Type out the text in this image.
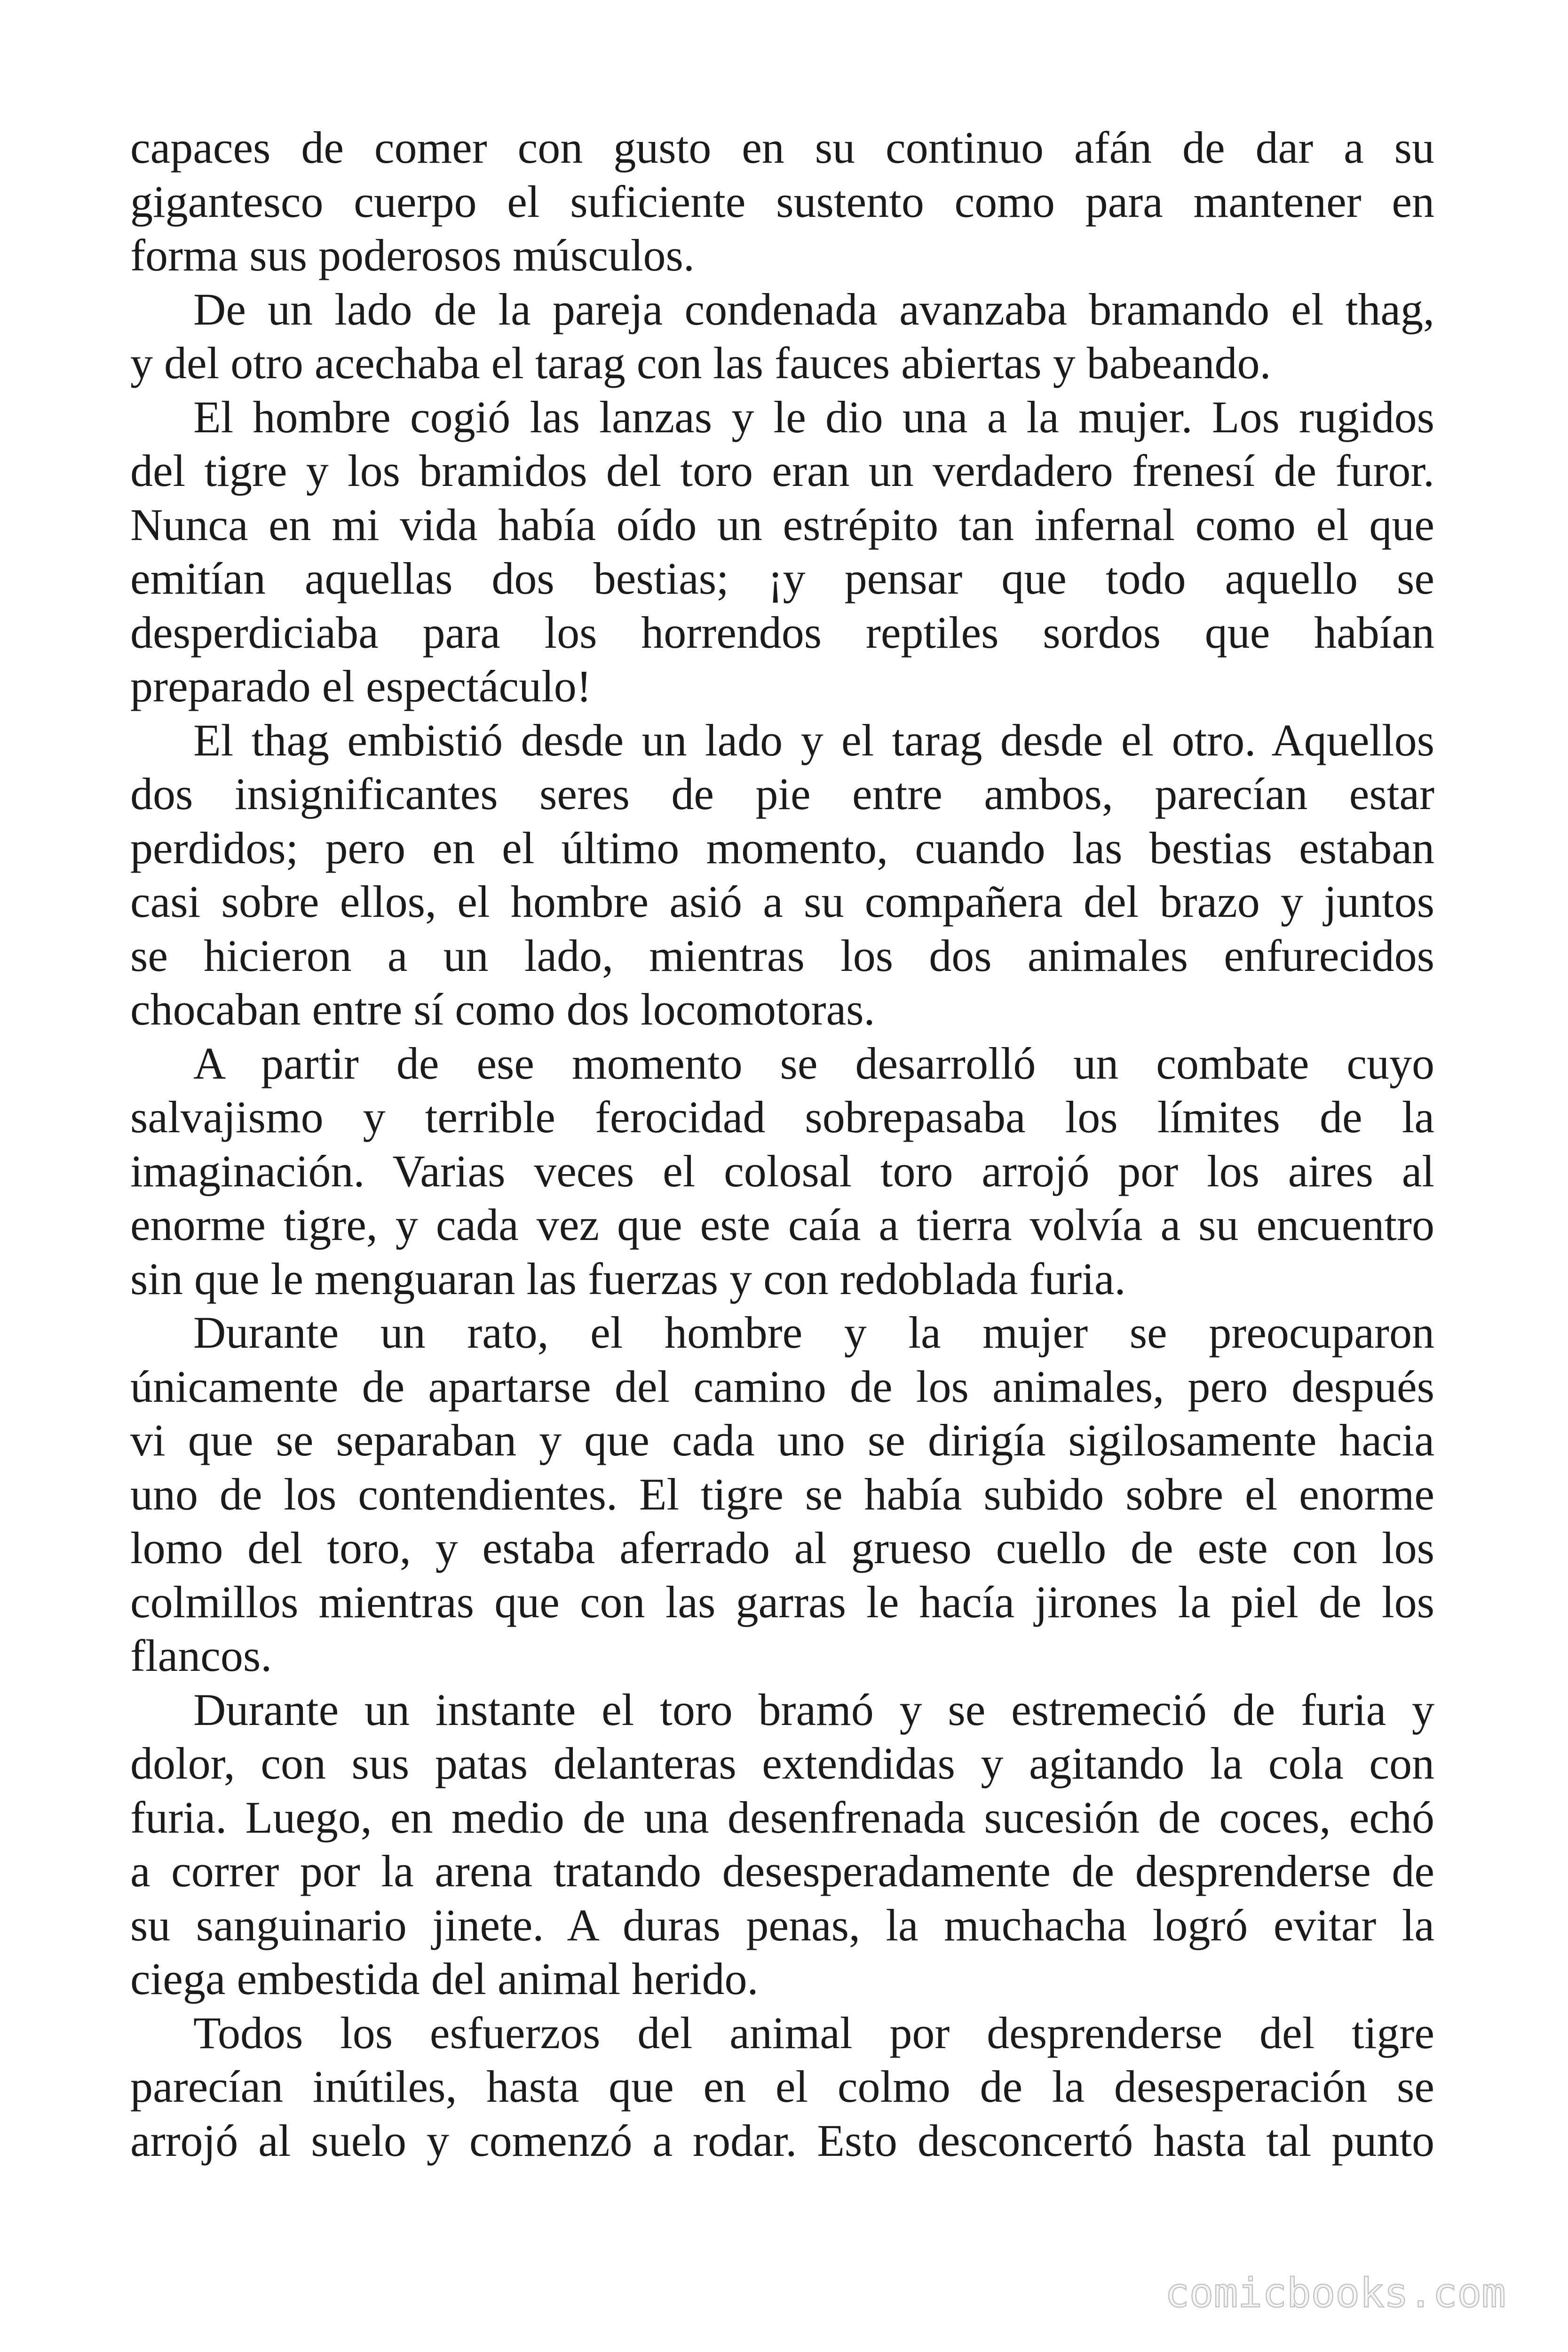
capaces de comer con gusto en su continuo afán de dar a su
gigantesco cuerpo el suficiente sustento como para mantener en
forma sus poderosos músculos.
De un lado de la pareja condenada avanzaba bramando el thag,
y del otro acechaba el tarag con las fauces abiertas y babeando.
El hombre cogió las lanzas y le dio una a la mujer. Los rugidos
del tigre y los bramidos del toro eran un verdadero frenesí de furor.
Nunca en mi vida había oído un estrépito tan infernal como el que
emitían aquellas dos bestias; ¡y pensar que todo aquello se
desperdiciaba para los horrendos reptiles sordos que habían
preparado el espectáculo!
El thag embistió desde un lado y el tarag desde el otro. Aquellos
dos insignificantes seres de pie entre ambos, parecían estar
perdidos; pero en el último momento, cuando las bestias estaban
casi sobre ellos, el hombre asió a su compañera del brazo y juntos
se hicieron a un lado, mientras los dos animales enfurecidos
chocaban entre sí como dos locomotoras.
A partir de ese momento se desarrolló un combate cuyo
salvajismo y terrible ferocidad sobrepasaba los límites de la
imaginación. Varias veces el colosal toro arrojó por los aires al
enorme tigre, y cada vez que este caía a tierra volvía a su encuentro
sin que le menguaran las fuerzas y con redoblada furia.
Durante un rato, el hombre y la mujer se preocuparon
únicamente de apartarse del camino de los animales, pero después
vi que se separaban y que cada uno se dirigía sigilosamente hacia
uno de los contendientes. El tigre se había subido sobre el enorme
lomo del toro, y estaba aferrado al grueso cuello de este con los
colmillos mientras que con las garras le hacía jirones la piel de los
flancos.
Durante un instante el toro bramó y se estremeció de furia y
dolor, con sus patas delanteras extendidas y agitando la cola con
furia. Luego, en medio de una desenfrenada sucesión de coces, echó
a correr por la arena tratando desesperadamente de desprenderse de
su sanguinario jinete. A duras penas, la muchacha logró evitar la
ciega embestida del animal herido.
Todos los esfuerzos del animal por desprenderse del tigre
parecían inútiles, hasta que en el colmo de la desesperación se
arrojó al suelo y comenzó a rodar. Esto desconcertó hasta tal punto
comicbooks.com
